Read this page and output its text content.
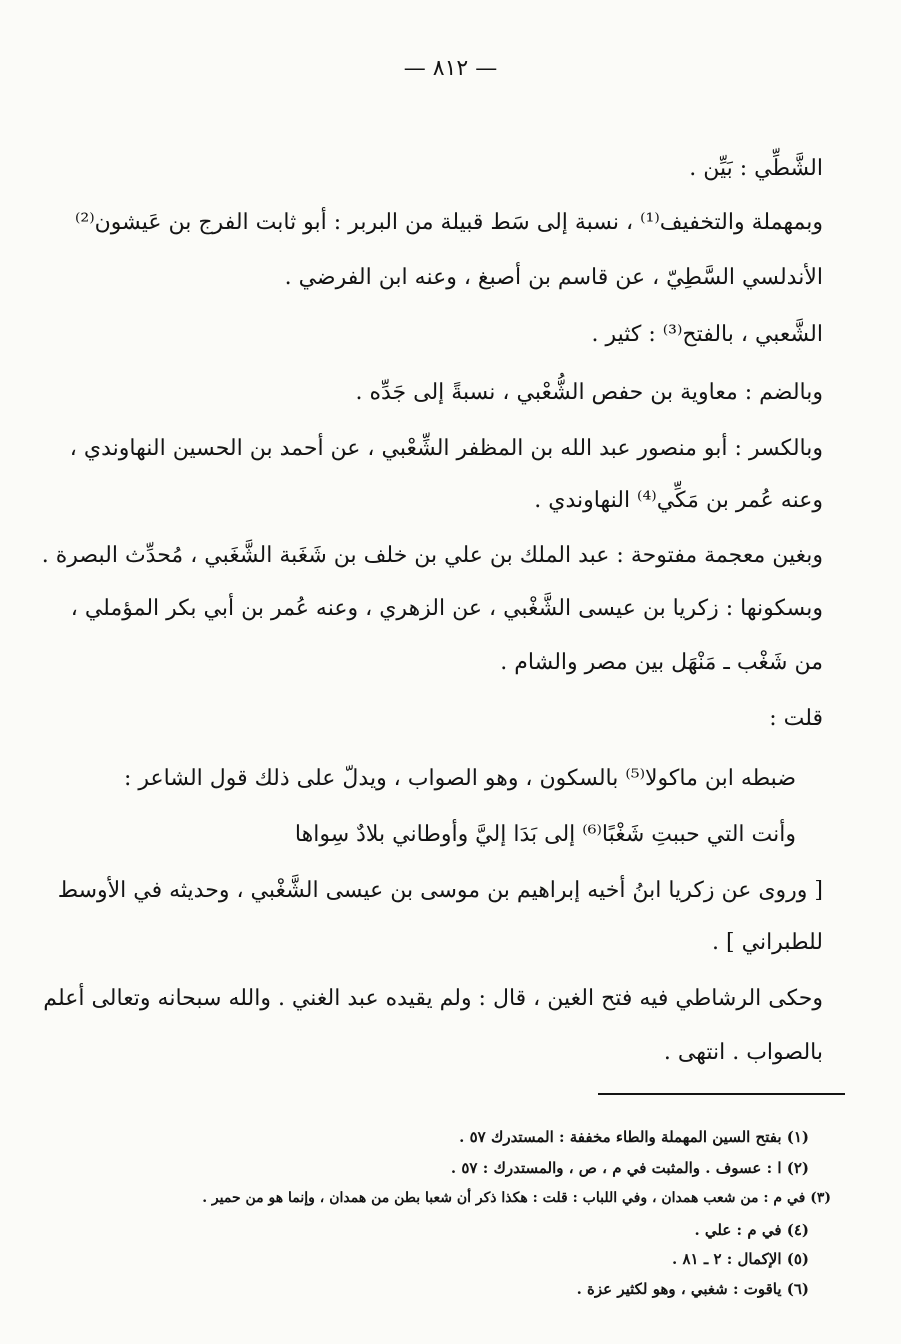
— ٨١٢ —
الشَّطِّي : بَيِّن .
وبمهملة والتخفيف⁽¹⁾ ، نسبة إلى سَط قبيلة من البربر : أبو ثابت الفرج بن عَيشون⁽²⁾
الأندلسي السَّطِيّ ، عن قاسم بن أصبغ ، وعنه ابن الفرضي .
الشَّعبي ، بالفتح⁽³⁾ : كثير .
وبالضم : معاوية بن حفص الشُّعْبي ، نسبةً إلى جَدِّه .
وبالكسر : أبو منصور عبد الله بن المظفر الشِّعْبي ، عن أحمد بن الحسين النهاوندي ،
وعنه عُمر بن مَكِّي⁽⁴⁾ النهاوندي .
وبغين معجمة مفتوحة : عبد الملك بن علي بن خلف بن شَغَبة الشَّغَبي ، مُحدِّث البصرة .
وبسكونها : زكريا بن عيسى الشَّغْبي ، عن الزهري ، وعنه عُمر بن أبي بكر المؤملي ،
من شَغْب ـ مَنْهَل بين مصر والشام .
قلت :
ضبطه ابن ماكولا⁽⁵⁾ بالسكون ، وهو الصواب ، ويدلّ على ذلك قول الشاعر :
وأنت التي حببتِ شَغْبًا⁽⁶⁾ إلى بَدَا إليَّ وأوطاني بلادٌ سِواها
[ وروى عن زكريا ابنُ أخيه إبراهيم بن موسى بن عيسى الشَّغْبي ، وحديثه في الأوسط
للطبراني ] .
وحكى الرشاطي فيه فتح الغين ، قال : ولم يقيده عبد الغني . والله سبحانه وتعالى أعلم
بالصواب . انتهى .
(١) بفتح السين المهملة والطاء مخففة : المستدرك ٥٧ .
(٢) ا : عسوف . والمثبت في م ، ص ، والمستدرك : ٥٧ .
(٣) في م : من شعب همدان ، وفي اللباب : قلت : هكذا ذكر أن شعبا بطن من همدان ، وإنما هو من حمير .
(٤) في م : علي .
(٥) الإكمال : ٢ ـ ٨١ .
(٦) ياقوت : شغبي ، وهو لكثير عزة .
